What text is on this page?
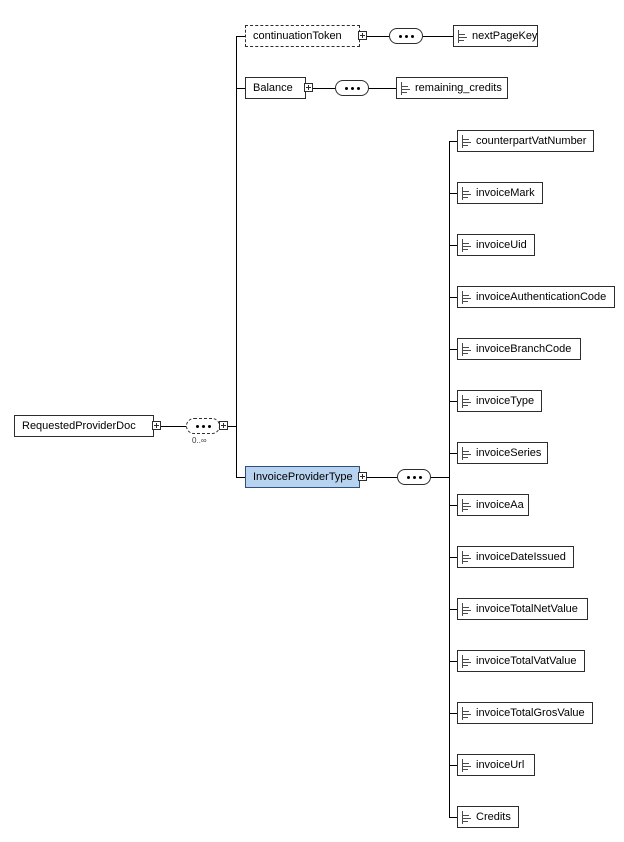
RequestedProviderDoc
0..∞
continuationToken	nextPageKey
Balance	remaining_credits
InvoiceProviderType
counterpartVatNumber
invoiceMark
invoiceUid
invoiceAuthenticationCode
invoiceBranchCode
invoiceType
invoiceSeries
invoiceAa
invoiceDateIssued
invoiceTotalNetValue
invoiceTotalVatValue
invoiceTotalGrosValue
invoiceUrl
Credits
